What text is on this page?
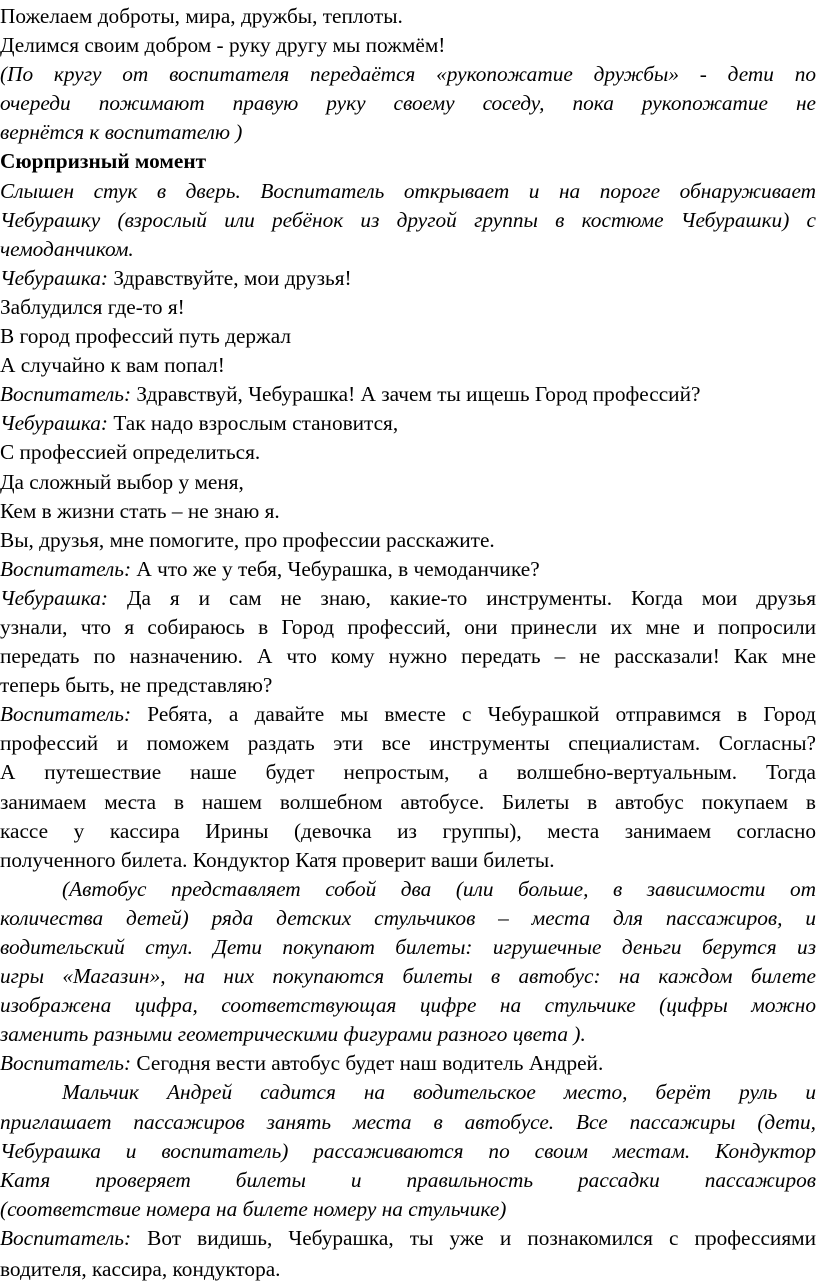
Пожелаем доброты, мира, дружбы, теплоты.
Делимся своим добром - руку другу мы пожмём!
(По кругу от воспитателя передаётся «рукопожатие дружбы» - дети по
очереди пожимают правую руку своему соседу, пока рукопожатие не
вернётся к воспитателю )
Сюрпризный момент
Слышен стук в дверь. Воспитатель открывает и на пороге обнаруживает
Чебурашку (взрослый или ребёнок из другой группы в костюме Чебурашки) с
чемоданчиком.
Чебурашка: Здравствуйте, мои друзья!
Заблудился где-то я!
В город профессий путь держал
А случайно к вам попал!
Воспитатель: Здравствуй, Чебурашка! А зачем ты ищешь Город профессий?
Чебурашка: Так надо взрослым становится,
С профессией определиться.
Да сложный выбор у меня,
Кем в жизни стать – не знаю я.
Вы, друзья, мне помогите, про профессии расскажите.
Воспитатель: А что же у тебя, Чебурашка, в чемоданчике?
Чебурашка: Да я и сам не знаю, какие-то инструменты. Когда мои друзья
узнали, что я собираюсь в Город профессий, они принесли их мне и попросили
передать по назначению. А что кому нужно передать – не рассказали! Как мне
теперь быть, не представляю?
Воспитатель: Ребята, а давайте мы вместе с Чебурашкой отправимся в Город
профессий и поможем раздать эти все инструменты специалистам. Согласны?
А путешествие наше будет непростым, а волшебно-вертуальным. Тогда
занимаем места в нашем волшебном автобусе. Билеты в автобус покупаем в
кассе у кассира Ирины (девочка из группы), места занимаем согласно
полученного билета. Кондуктор Катя проверит ваши билеты.
(Автобус представляет собой два (или больше, в зависимости от
количества детей) ряда детских стульчиков – места для пассажиров, и
водительский стул. Дети покупают билеты: игрушечные деньги берутся из
игры «Магазин», на них покупаются билеты в автобус: на каждом билете
изображена цифра, соответствующая цифре на стульчике (цифры можно
заменить разными геометрическими фигурами разного цвета ).
Воспитатель: Сегодня вести автобус будет наш водитель Андрей.
Мальчик Андрей садится на водительское место, берёт руль и
приглашает пассажиров занять места в автобусе. Все пассажиры (дети,
Чебурашка и воспитатель) рассаживаются по своим местам. Кондуктор
Катя проверяет билеты и правильность рассадки пассажиров
(соответствие номера на билете номеру на стульчике)
Воспитатель: Вот видишь, Чебурашка, ты уже и познакомился с профессиями
водителя, кассира, кондуктора.
